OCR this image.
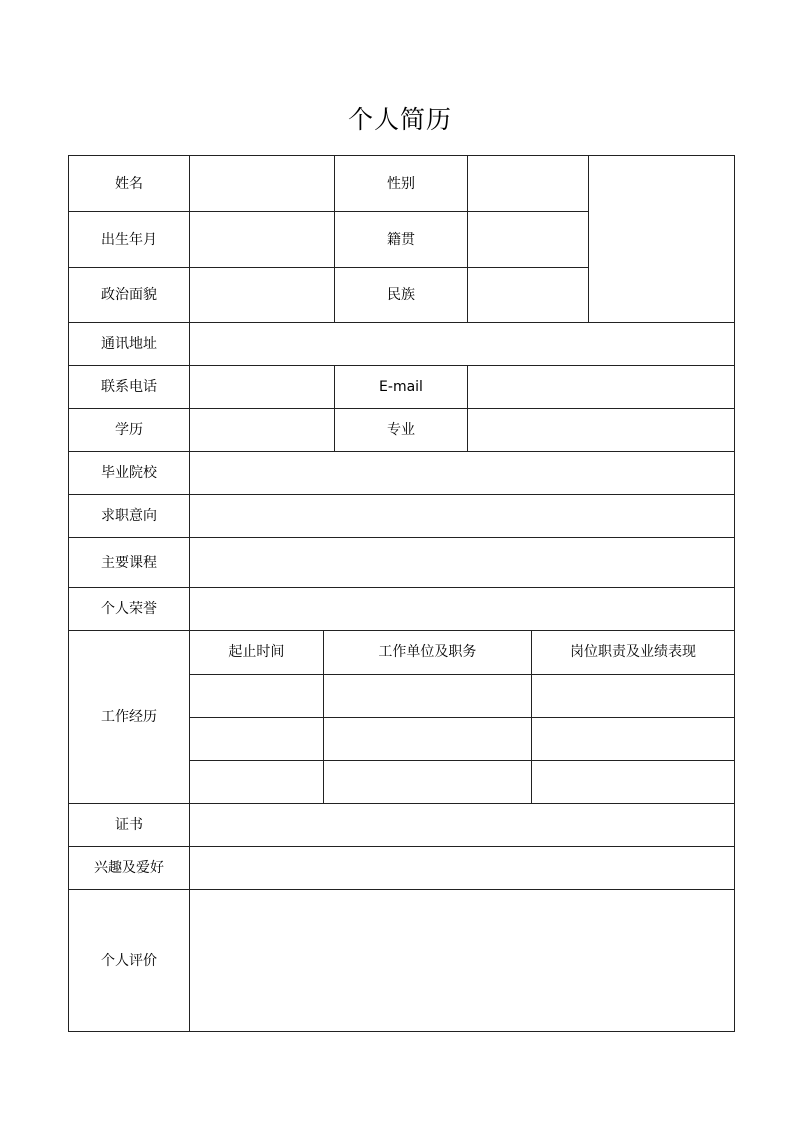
个人简历
姓名		性别		
出生年月		籍贯	
政治面貌		民族	
通讯地址	
联系电话		E-mail	
学历		专业	
毕业院校	
求职意向	
主要课程	
个人荣誉	
工作经历	
起止时间	工作单位及职务	岗位职责及业绩表现

证书	
兴趣及爱好	
个人评价	
